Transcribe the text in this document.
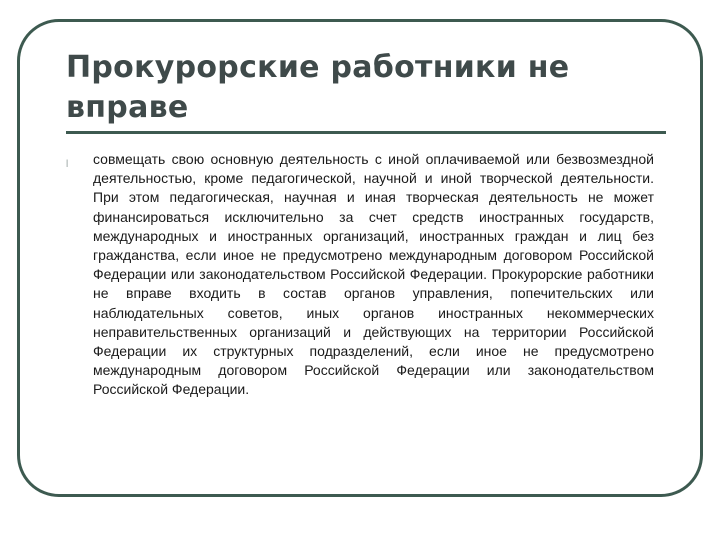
Прокурорские работники не вправе
l совмещать свою основную деятельность с иной оплачиваемой или безвозмездной деятельностью, кроме педагогической, научной и иной творческой деятельности. При этом педагогическая, научная и иная творческая деятельность не может финансироваться исключительно за счет средств иностранных государств, международных и иностранных организаций, иностранных граждан и лиц без гражданства, если иное не предусмотрено международным договором Российской Федерации или законодательством Российской Федерации. Прокурорские работники не вправе входить в состав органов управления, попечительских или наблюдательных советов, иных органов иностранных некоммерческих неправительственных организаций и действующих на территории Российской Федерации их структурных подразделений, если иное не предусмотрено международным договором Российской Федерации или законодательством Российской Федерации.
